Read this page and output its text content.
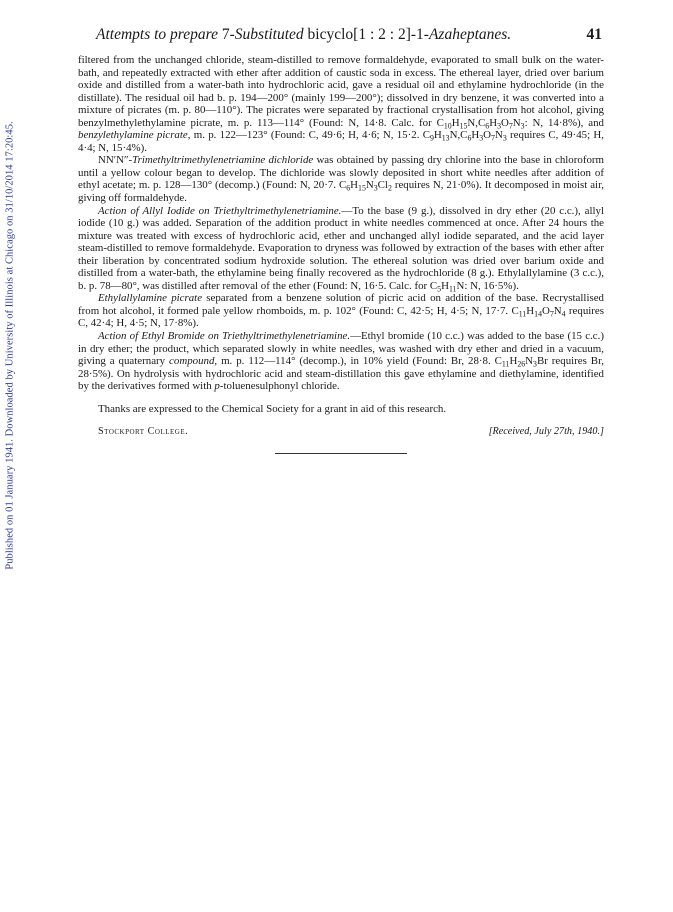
Published on 01 January 1941. Downloaded by University of Illinois at Chicago on 31/10/2014 17:20:45.
Attempts to prepare 7-Substituted bicyclo[1 : 2 : 2]-1-Azaheptanes.	41

filtered from the unchanged chloride, steam-distilled to remove formaldehyde, evaporated to small bulk on the water-bath, and repeatedly extracted with ether after addition of caustic soda in excess. The ethereal layer, dried over barium oxide and distilled from a water-bath into hydrochloric acid, gave a residual oil and ethylamine hydrochloride (in the distillate). The residual oil had b. p. 194—200° (mainly 199—200°); dissolved in dry benzene, it was converted into a mixture of picrates (m. p. 80—110°). The picrates were separated by fractional crystallisation from hot alcohol, giving benzylmethylethylamine picrate, m. p. 113—114° (Found: N, 14·8. Calc. for $C_{10}H_{15}N,C_6H_3O_7N_3$: N, 14·8%), and benzylethylamine picrate, m. p. 122—123° (Found: C, 49·6; H, 4·6; N, 15·2. $C_9H_{13}N,C_6H_3O_7N_3$ requires C, 49·45; H, 4·4; N, 15·4%).

NN′N″-Trimethyltrimethylenetriamine dichloride was obtained by passing dry chlorine into the base in chloroform until a yellow colour began to develop. The dichloride was slowly deposited in short white needles after addition of ethyl acetate; m. p. 128—130° (decomp.) (Found: N, 20·7. $C_6H_{15}N_3Cl_2$ requires N, 21·0%). It decomposed in moist air, giving off formaldehyde.

Action of Allyl Iodide on Triethyltrimethylenetriamine.—To the base (9 g.), dissolved in dry ether (20 c.c.), allyl iodide (10 g.) was added. Separation of the addition product in white needles commenced at once. After 24 hours the mixture was treated with excess of hydrochloric acid, ether and unchanged allyl iodide separated, and the acid layer steam-distilled to remove formaldehyde. Evaporation to dryness was followed by extraction of the bases with ether after their liberation by concentrated sodium hydroxide solution. The ethereal solution was dried over barium oxide and distilled from a water-bath, the ethylamine being finally recovered as the hydrochloride (8 g.). Ethylallylamine (3 c.c.), b. p. 78—80°, was distilled after removal of the ether (Found: N, 16·5. Calc. for $C_5H_{11}N$: N, 16·5%).

Ethylallylamine picrate separated from a benzene solution of picric acid on addition of the base. Recrystallised from hot alcohol, it formed pale yellow rhomboids, m. p. 102° (Found: C, 42·5; H, 4·5; N, 17·7. $C_{11}H_{14}O_7N_4$ requires C, 42·4; H, 4·5; N, 17·8%).

Action of Ethyl Bromide on Triethyltrimethylenetriamine.—Ethyl bromide (10 c.c.) was added to the base (15 c.c.) in dry ether; the product, which separated slowly in white needles, was washed with dry ether and dried in a vacuum, giving a quaternary compound, m. p. 112—114° (decomp.), in 10% yield (Found: Br, 28·8. $C_{11}H_{26}N_3Br$ requires Br, 28·5%). On hydrolysis with hydrochloric acid and steam-distillation this gave ethylamine and diethylamine, identified by the derivatives formed with p-toluenesulphonyl chloride.

Thanks are expressed to the Chemical Society for a grant in aid of this research.

Stockport College.	[Received, July 27th, 1940.]
